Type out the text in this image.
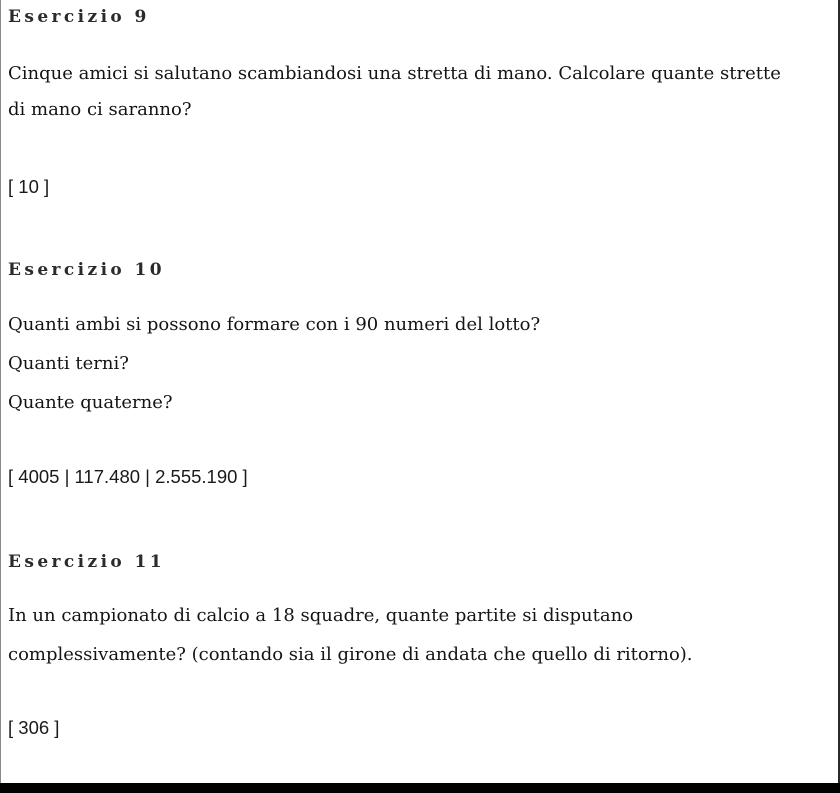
Esercizio 9
Cinque amici si salutano scambiandosi una stretta di mano. Calcolare quante strette
di mano ci saranno?
[ 10 ]
Esercizio 10
Quanti ambi si possono formare con i 90 numeri del lotto?
Quanti terni?
Quante quaterne?
[ 4005 | 117.480 | 2.555.190 ]
Esercizio 11
In un campionato di calcio a 18 squadre, quante partite si disputano
complessivamente? (contando sia il girone di andata che quello di ritorno).
[ 306 ]
